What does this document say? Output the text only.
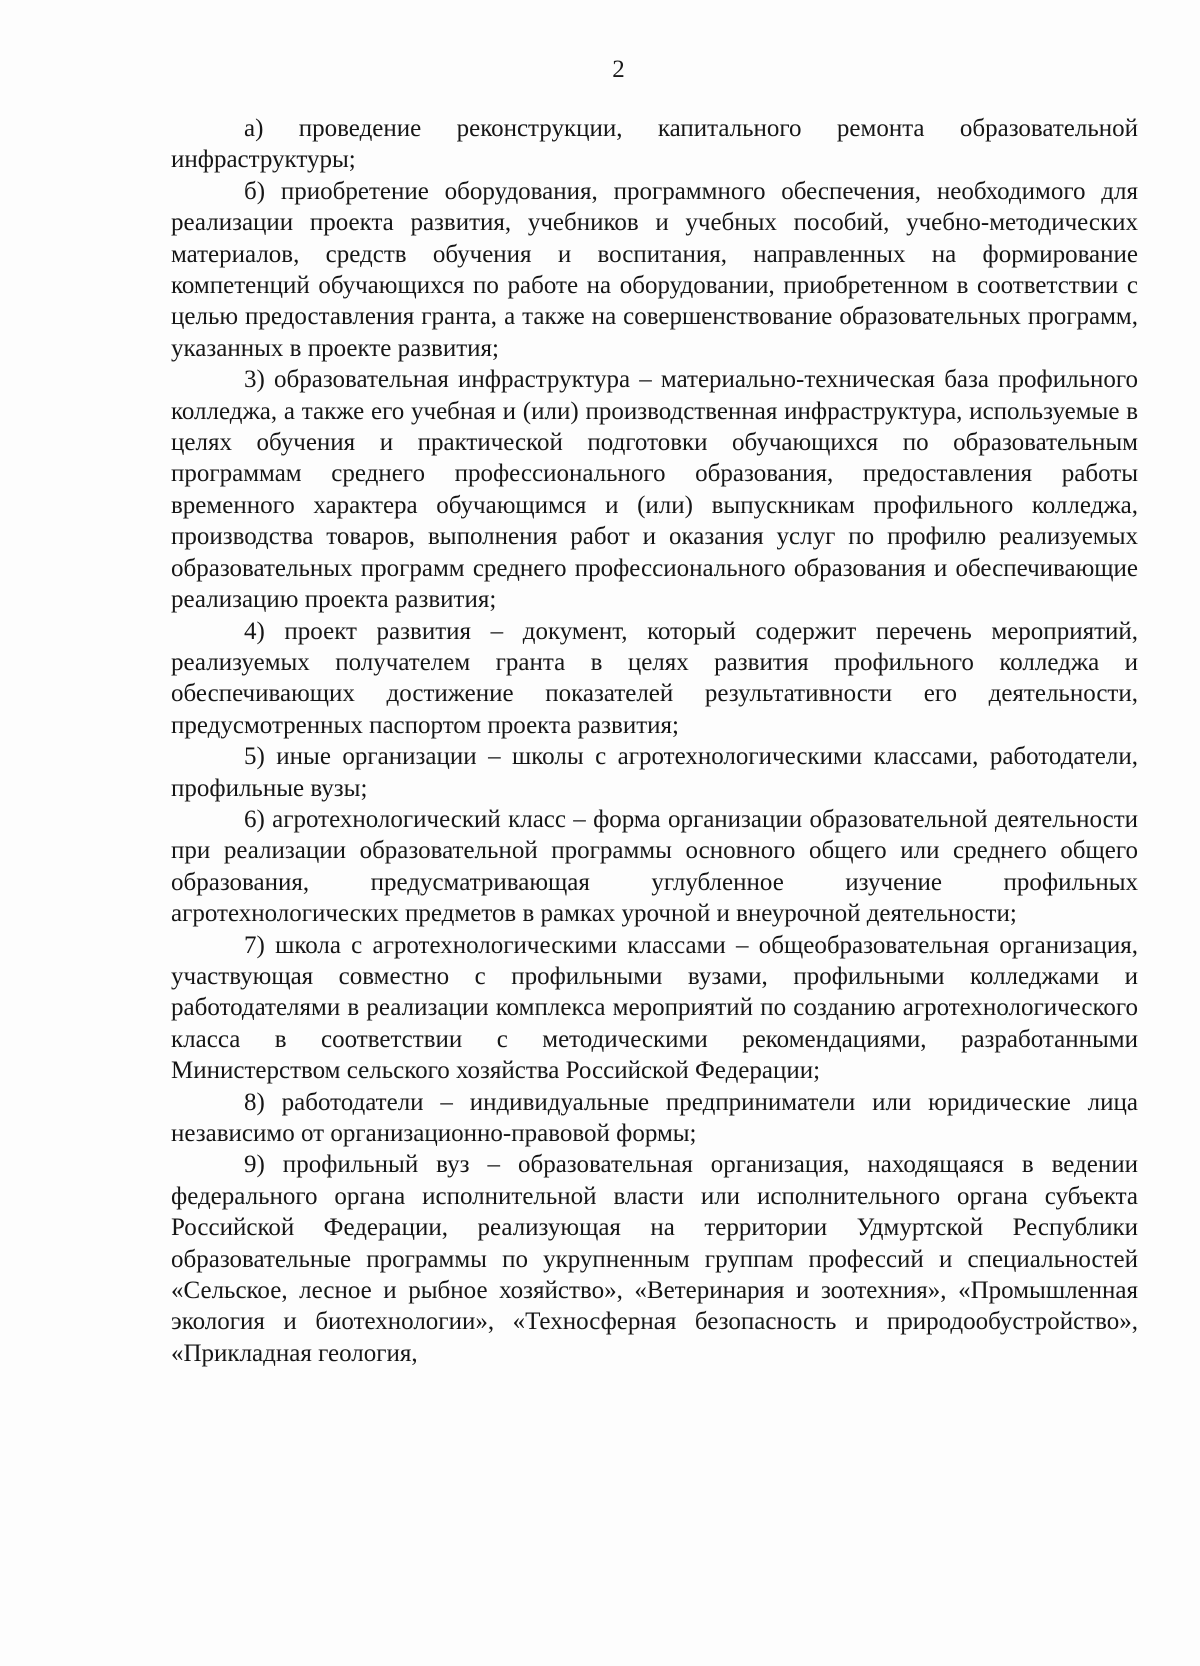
2

а) проведение реконструкции, капитального ремонта образовательной инфраструктуры;

б) приобретение оборудования, программного обеспечения, необходимого для реализации проекта развития, учебников и учебных пособий, учебно-методических материалов, средств обучения и воспитания, направленных на формирование компетенций обучающихся по работе на оборудовании, приобретенном в соответствии с целью предоставления гранта, а также на совершенствование образовательных программ, указанных в проекте развития;

3) образовательная инфраструктура – материально-техническая база профильного колледжа, а также его учебная и (или) производственная инфраструктура, используемые в целях обучения и практической подготовки обучающихся по образовательным программам среднего профессионального образования, предоставления работы временного характера обучающимся и (или) выпускникам профильного колледжа, производства товаров, выполнения работ и оказания услуг по профилю реализуемых образовательных программ среднего профессионального образования и обеспечивающие реализацию проекта развития;

4) проект развития – документ, который содержит перечень мероприятий, реализуемых получателем гранта в целях развития профильного колледжа и обеспечивающих достижение показателей результативности его деятельности, предусмотренных паспортом проекта развития;

5) иные организации – школы с агротехнологическими классами, работодатели, профильные вузы;

6) агротехнологический класс – форма организации образовательной деятельности при реализации образовательной программы основного общего или среднего общего образования, предусматривающая углубленное изучение профильных агротехнологических предметов в рамках урочной и внеурочной деятельности;

7) школа с агротехнологическими классами – общеобразовательная организация, участвующая совместно с профильными вузами, профильными колледжами и работодателями в реализации комплекса мероприятий по созданию агротехнологического класса в соответствии с методическими рекомендациями, разработанными Министерством сельского хозяйства Российской Федерации;

8) работодатели – индивидуальные предприниматели или юридические лица независимо от организационно-правовой формы;

9) профильный вуз – образовательная организация, находящаяся в ведении федерального органа исполнительной власти или исполнительного органа субъекта Российской Федерации, реализующая на территории Удмуртской Республики образовательные программы по укрупненным группам профессий и специальностей «Сельское, лесное и рыбное хозяйство», «Ветеринария и зоотехния», «Промышленная экология и биотехнологии», «Техносферная безопасность и природообустройство», «Прикладная геология,
